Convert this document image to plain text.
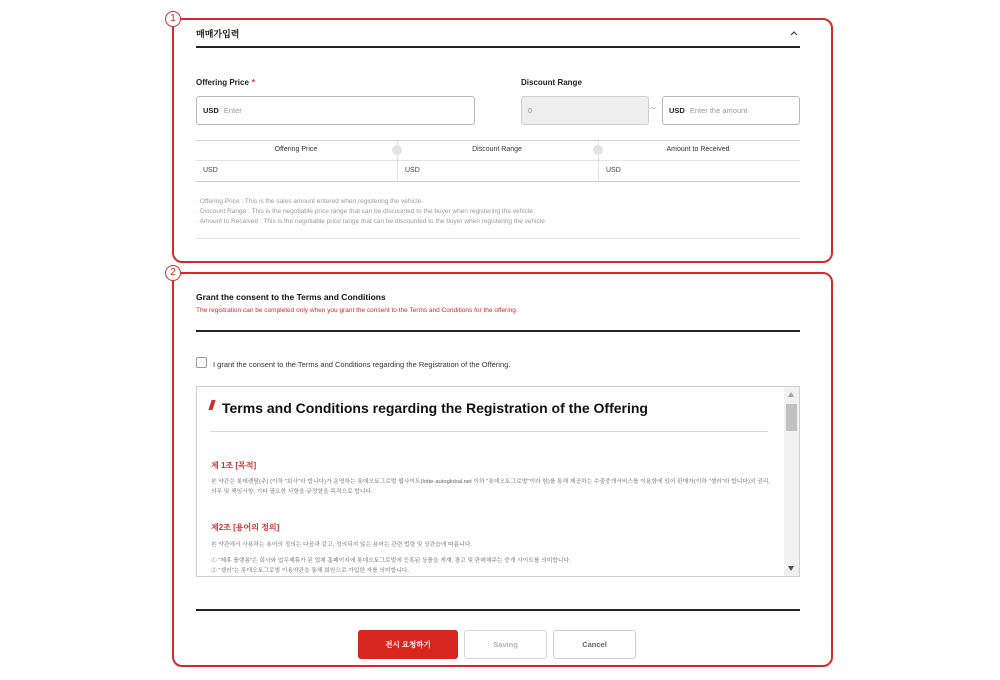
1
매매가입력
Offering Price *	Discount Range
USD Enter	0	~ USD Enter the amount
Offering Price	Discount Range	Amount to Received
USD	USD	USD
· Offering Price : This is the sales amount entered when registering the vehicle.
· Discount Range : This is the negotiable price range that can be discounted to the buyer when registering the vehicle.
· Amount to Received : This is the negotiable price range that can be discounted to the buyer when registering the vehicle.
2
Grant the consent to the Terms and Conditions
The registration can be completed only when you grant the consent to the Terms and Conditions for the offering.
I grant the consent to the Terms and Conditions regarding the Registration of the Offering.
Terms and Conditions regarding the Registration of the Offering
제 1조 [목적]
본 약관은 롯데렌탈(주) (이하 "회사"라 합니다)가 운영하는 롯데오토그로벌 웹사이트(lotte-autoglobal.net 이하 "롯데오토그로벌"이라 함)를 통해 제공하는 수출중개서비스를 이용함에 있어 판매자(이하 "셀러"라 합니다)의 권리, 의무 및 책임사항, 기타 필요한 사항을 규정함을 목적으로 합니다.
제2조 [용어의 정의]
본 약관에서 사용하는 용어의 정의는 다음과 같고, 정의되지 않은 용어는 관련 법령 및 상관습에 따릅니다.
① "제휴 플랫폼"은 회사와 업무제휴가 된 업체 홈페이지에 롯데오토그로벌에 등록된 상품을 게재, 광고 및 판매해주는 중개 사이트를 의미합니다.
② "셀러"는 롯데오토그로벌 이용약관을 통해 회원으로 가입한 자를 의미합니다.
전시 요청하기	Saving	Cancel
